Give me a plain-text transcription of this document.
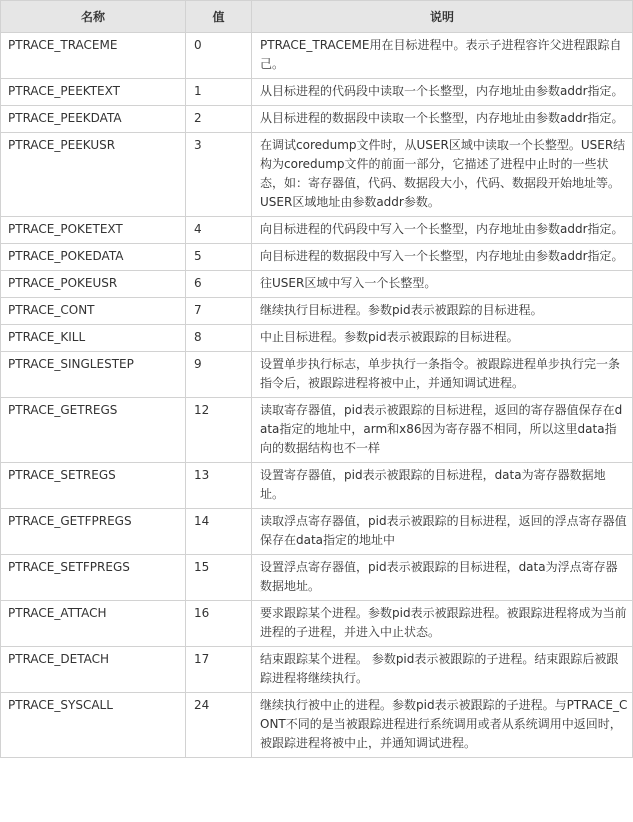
名称	值	说明
PTRACE_TRACEME	0	PTRACE_TRACEME用在目标进程中。表示子进程容许父进程跟踪自己。
PTRACE_PEEKTEXT	1	从目标进程的代码段中读取一个长整型，内存地址由参数addr指定。
PTRACE_PEEKDATA	2	从目标进程的数据段中读取一个长整型，内存地址由参数addr指定。
PTRACE_PEEKUSR	3	在调试coredump文件时，从USER区域中读取一个长整型。USER结构为coredump文件的前面一部分，它描述了进程中止时的一些状态，如：寄存器值，代码、数据段大小，代码、数据段开始地址等。USER区域地址由参数addr参数。
PTRACE_POKETEXT	4	向目标进程的代码段中写入一个长整型，内存地址由参数addr指定。
PTRACE_POKEDATA	5	向目标进程的数据段中写入一个长整型，内存地址由参数addr指定。
PTRACE_POKEUSR	6	往USER区域中写入一个长整型。
PTRACE_CONT	7	继续执行目标进程。参数pid表示被跟踪的目标进程。
PTRACE_KILL	8	中止目标进程。参数pid表示被跟踪的目标进程。
PTRACE_SINGLESTEP	9	设置单步执行标志，单步执行一条指令。被跟踪进程单步执行完一条指令后，被跟踪进程将被中止，并通知调试进程。
PTRACE_GETREGS	12	读取寄存器值，pid表示被跟踪的目标进程，返回的寄存器值保存在data指定的地址中，arm和x86因为寄存器不相同，所以这里data指向的数据结构也不一样
PTRACE_SETREGS	13	设置寄存器值，pid表示被跟踪的目标进程，data为寄存器数据地址。
PTRACE_GETFPREGS	14	读取浮点寄存器值，pid表示被跟踪的目标进程，返回的浮点寄存器值保存在data指定的地址中
PTRACE_SETFPREGS	15	设置浮点寄存器值，pid表示被跟踪的目标进程，data为浮点寄存器数据地址。
PTRACE_ATTACH	16	要求跟踪某个进程。参数pid表示被跟踪进程。被跟踪进程将成为当前进程的子进程，并进入中止状态。
PTRACE_DETACH	17	结束跟踪某个进程。 参数pid表示被跟踪的子进程。结束跟踪后被跟踪进程将继续执行。
PTRACE_SYSCALL	24	继续执行被中止的进程。参数pid表示被跟踪的子进程。与PTRACE_CONT不同的是当被跟踪进程进行系统调用或者从系统调用中返回时，被跟踪进程将被中止，并通知调试进程。
